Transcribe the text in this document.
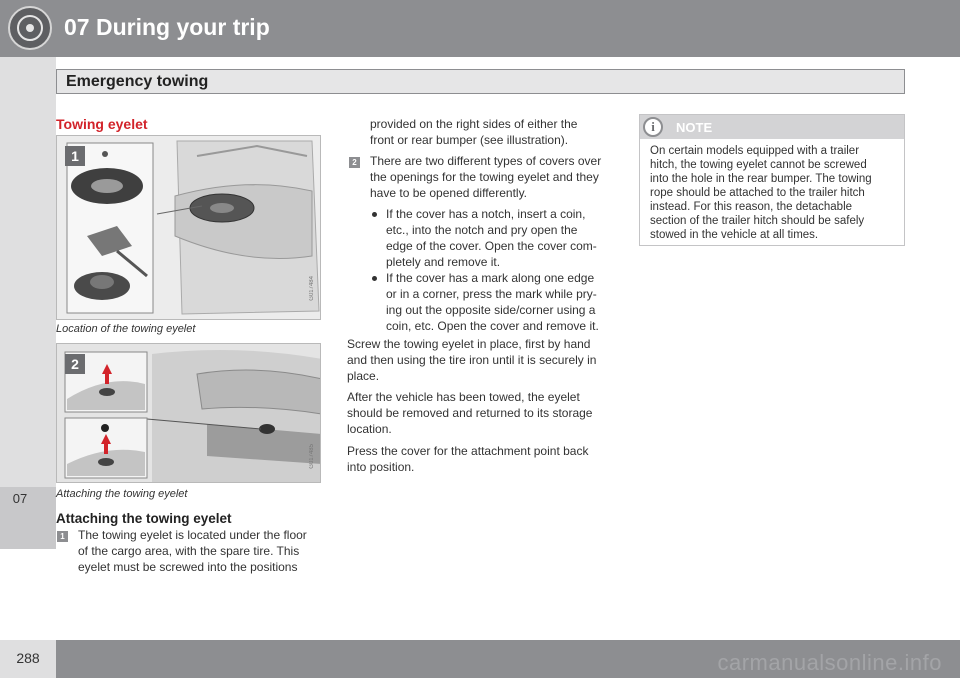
07 During your trip
07
Emergency towing
Towing eyelet
1
G017484
Location of the towing eyelet
2
G017485
Attaching the towing eyelet
Attaching the towing eyelet
1 The towing eyelet is located under the floor
of the cargo area, with the spare tire. This
eyelet must be screwed into the positions
provided on the right sides of either the
front or rear bumper (see illustration).
2 There are two different types of covers over
the openings for the towing eyelet and they
have to be opened differently.
If the cover has a notch, insert a coin,
etc., into the notch and pry open the
edge of the cover. Open the cover com-
pletely and remove it.
If the cover has a mark along one edge
or in a corner, press the mark while pry-
ing out the opposite side/corner using a
coin, etc. Open the cover and remove it.
Screw the towing eyelet in place, first by hand
and then using the tire iron until it is securely in
place.
After the vehicle has been towed, the eyelet
should be removed and returned to its storage
location.
Press the cover for the attachment point back
into position.
i	NOTE
On certain models equipped with a trailer
hitch, the towing eyelet cannot be screwed
into the hole in the rear bumper. The towing
rope should be attached to the trailer hitch
instead. For this reason, the detachable
section of the trailer hitch should be safely
stowed in the vehicle at all times.
288	carmanualsonline.info
